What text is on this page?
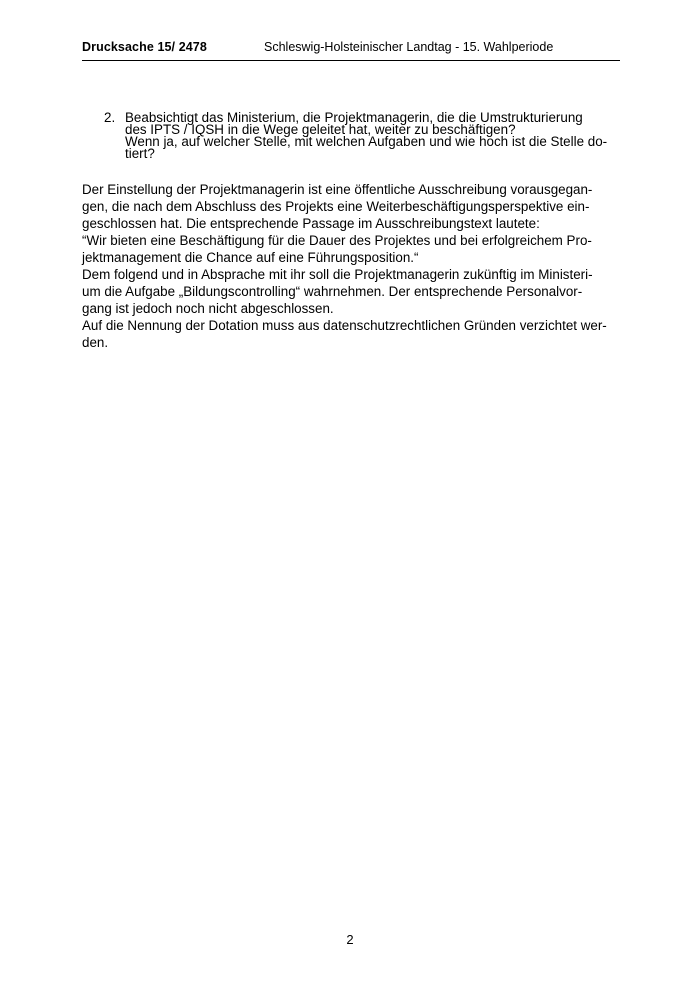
Drucksache 15/ 2478	Schleswig-Holsteinischer Landtag - 15. Wahlperiode
2. Beabsichtigt das Ministerium, die Projektmanagerin, die die Umstrukturierung
des IPTS / IQSH in die Wege geleitet hat, weiter zu beschäftigen?
Wenn ja, auf welcher Stelle, mit welchen Aufgaben und wie hoch ist die Stelle do-
tiert?
Der Einstellung der Projektmanagerin ist eine öffentliche Ausschreibung vorausgegan-
gen, die nach dem Abschluss des Projekts eine Weiterbeschäftigungsperspektive ein-
geschlossen hat. Die entsprechende Passage im Ausschreibungstext lautete:
“Wir bieten eine Beschäftigung für die Dauer des Projektes und bei erfolgreichem Pro-
jektmanagement die Chance auf eine Führungsposition.“
Dem folgend und in Absprache mit ihr soll die Projektmanagerin zukünftig im Ministeri-
um die Aufgabe „Bildungscontrolling“ wahrnehmen. Der entsprechende Personalvor-
gang ist jedoch noch nicht abgeschlossen.
Auf die Nennung der Dotation muss aus datenschutzrechtlichen Gründen verzichtet wer-
den.
2
